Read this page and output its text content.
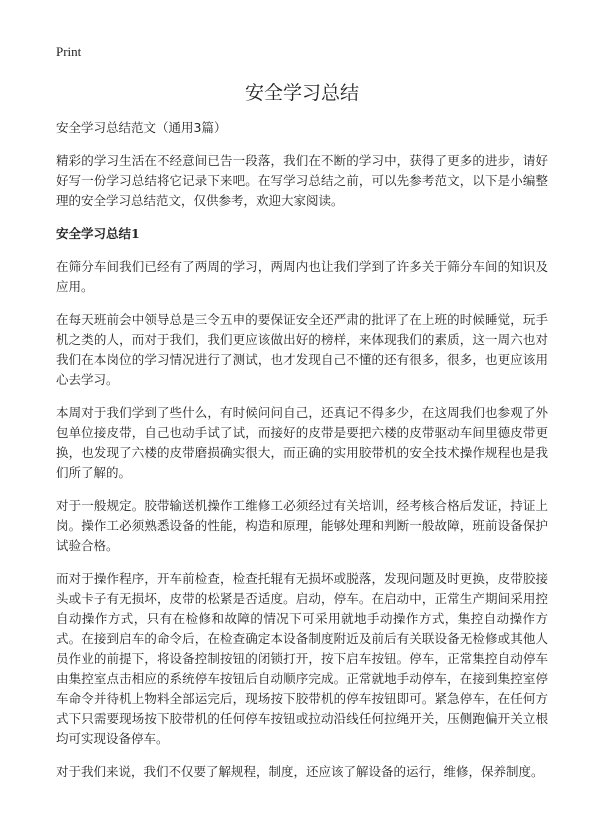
Print
安全学习总结

安全学习总结范文（通用3篇）

精彩的学习生活在不经意间已告一段落，我们在不断的学习中，获得了更多的进步，请好好写一份学习总结将它记录下来吧。在写学习总结之前，可以先参考范文，以下是小编整理的安全学习总结范文，仅供参考，欢迎大家阅读。

安全学习总结1

在筛分车间我们已经有了两周的学习，两周内也让我们学到了许多关于筛分车间的知识及应用。

在每天班前会中领导总是三令五申的要保证安全还严肃的批评了在上班的时候睡觉，玩手机之类的人，而对于我们，我们更应该做出好的榜样，来体现我们的素质，这一周六也对我们在本岗位的学习情况进行了测试，也才发现自己不懂的还有很多，很多，也更应该用心去学习。

本周对于我们学到了些什么，有时候问问自己，还真记不得多少，在这周我们也参观了外包单位接皮带，自己也动手试了试，而接好的皮带是要把六楼的皮带驱动车间里德皮带更换，也发现了六楼的皮带磨损确实很大，而正确的实用胶带机的安全技术操作规程也是我们所了解的。

对于一般规定。胶带输送机操作工维修工必须经过有关培训，经考核合格后发证，持证上岗。操作工必须熟悉设备的性能，构造和原理，能够处理和判断一般故障，班前设备保护试验合格。

而对于操作程序，开车前检查，检查托辊有无损坏或脱落，发现问题及时更换，皮带胶接头或卡子有无损坏，皮带的松紧是否适度。启动，停车。在启动中，正常生产期间采用控自动操作方式，只有在检修和故障的情况下可采用就地手动操作方式，集控自动操作方式。在接到启车的命令后，在检查确定本设备制度附近及前后有关联设备无检修或其他人员作业的前提下，将设备控制按钮的闭锁打开，按下启车按钮。停车，正常集控自动停车由集控室点击相应的系统停车按钮后自动顺序完成。正常就地手动停车，在接到集控室停车命令并待机上物料全部运完后，现场按下胶带机的停车按钮即可。紧急停车，在任何方式下只需要现场按下胶带机的任何停车按钮或拉动沿线任何拉绳开关，压侧跑偏开关立根均可实现设备停车。

对于我们来说，我们不仅要了解规程，制度，还应该了解设备的运行，维修，保养制度。
